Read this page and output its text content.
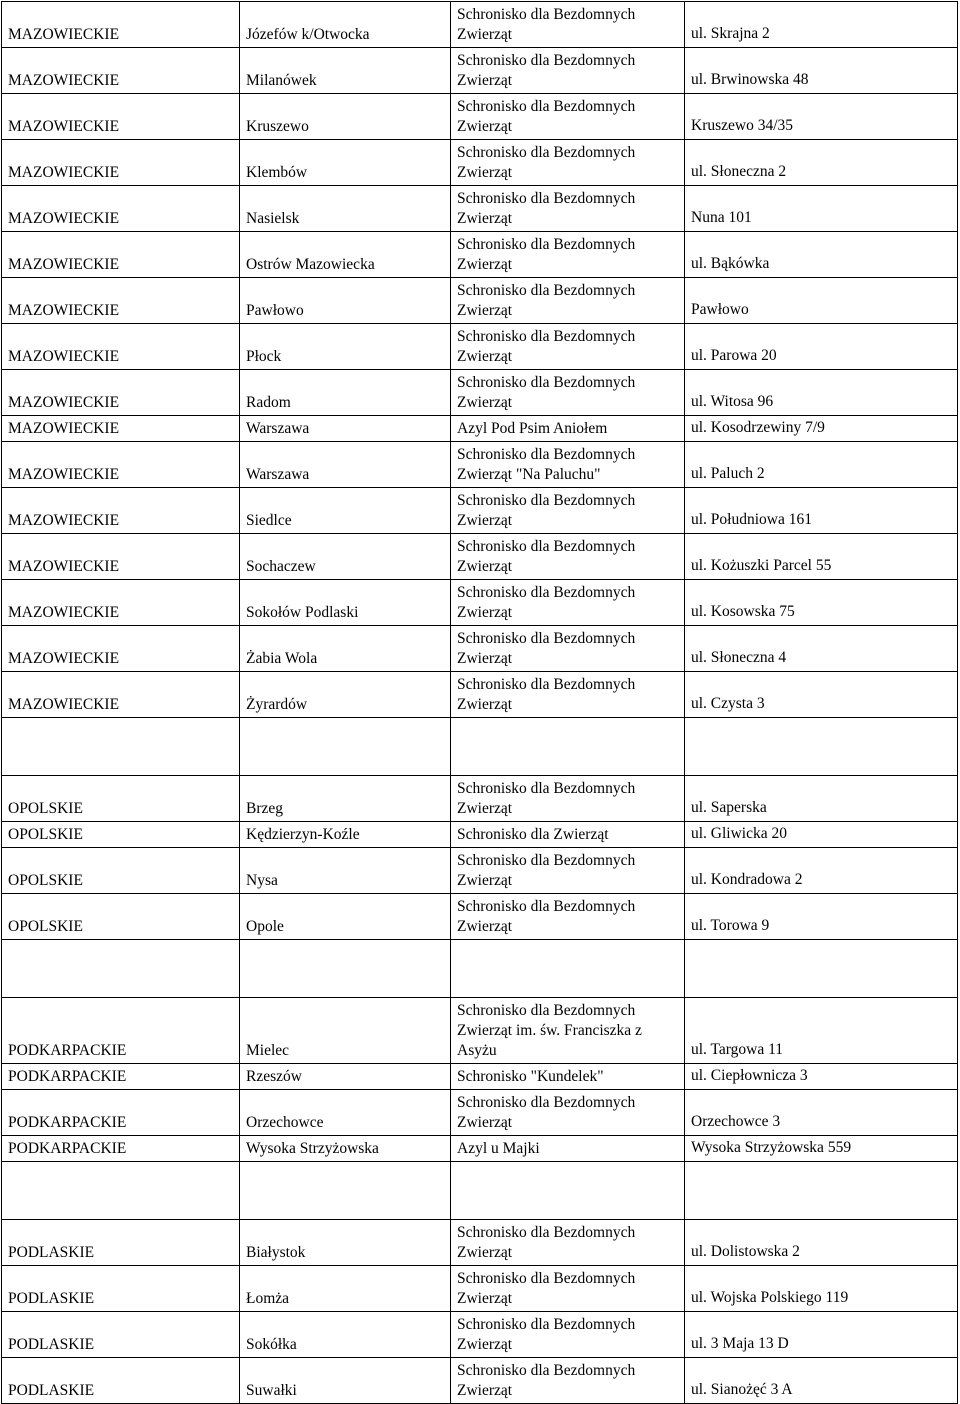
MAZOWIECKIE	Józefów k/Otwocka	Schronisko dla Bezdomnych Zwierząt	ul. Skrajna 2
MAZOWIECKIE	Milanówek	Schronisko dla Bezdomnych Zwierząt	ul. Brwinowska 48
MAZOWIECKIE	Kruszewo	Schronisko dla Bezdomnych Zwierząt	Kruszewo 34/35
MAZOWIECKIE	Klembów	Schronisko dla Bezdomnych Zwierząt	ul. Słoneczna 2
MAZOWIECKIE	Nasielsk	Schronisko dla Bezdomnych Zwierząt	Nuna 101
MAZOWIECKIE	Ostrów Mazowiecka	Schronisko dla Bezdomnych Zwierząt	ul. Bąkówka
MAZOWIECKIE	Pawłowo	Schronisko dla Bezdomnych Zwierząt	Pawłowo
MAZOWIECKIE	Płock	Schronisko dla Bezdomnych Zwierząt	ul. Parowa 20
MAZOWIECKIE	Radom	Schronisko dla Bezdomnych Zwierząt	ul. Witosa 96
MAZOWIECKIE	Warszawa	Azyl Pod Psim Aniołem	ul. Kosodrzewiny 7/9
MAZOWIECKIE	Warszawa	Schronisko dla Bezdomnych Zwierząt "Na Paluchu"	ul. Paluch 2
MAZOWIECKIE	Siedlce	Schronisko dla Bezdomnych Zwierząt	ul. Południowa 161
MAZOWIECKIE	Sochaczew	Schronisko dla Bezdomnych Zwierząt	ul. Kożuszki Parcel 55
MAZOWIECKIE	Sokołów Podlaski	Schronisko dla Bezdomnych Zwierząt	ul. Kosowska 75
MAZOWIECKIE	Żabia Wola	Schronisko dla Bezdomnych Zwierząt	ul. Słoneczna 4
MAZOWIECKIE	Żyrardów	Schronisko dla Bezdomnych Zwierząt	ul. Czysta 3

OPOLSKIE	Brzeg	Schronisko dla Bezdomnych Zwierząt	ul. Saperska
OPOLSKIE	Kędzierzyn-Koźle	Schronisko dla Zwierząt	ul. Gliwicka 20
OPOLSKIE	Nysa	Schronisko dla Bezdomnych Zwierząt	ul. Kondradowa 2
OPOLSKIE	Opole	Schronisko dla Bezdomnych Zwierząt	ul. Torowa 9

PODKARPACKIE	Mielec	Schronisko dla Bezdomnych Zwierząt im. św. Franciszka z Asyżu	ul. Targowa 11
PODKARPACKIE	Rzeszów	Schronisko "Kundelek"	ul. Ciepłownicza 3
PODKARPACKIE	Orzechowce	Schronisko dla Bezdomnych Zwierząt	Orzechowce 3
PODKARPACKIE	Wysoka Strzyżowska	Azyl u Majki	Wysoka Strzyżowska 559

PODLASKIE	Białystok	Schronisko dla Bezdomnych Zwierząt	ul. Dolistowska 2
PODLASKIE	Łomża	Schronisko dla Bezdomnych Zwierząt	ul. Wojska Polskiego 119
PODLASKIE	Sokółka	Schronisko dla Bezdomnych Zwierząt	ul. 3 Maja 13 D
PODLASKIE	Suwałki	Schronisko dla Bezdomnych Zwierząt	ul. Sianożęć 3 A
